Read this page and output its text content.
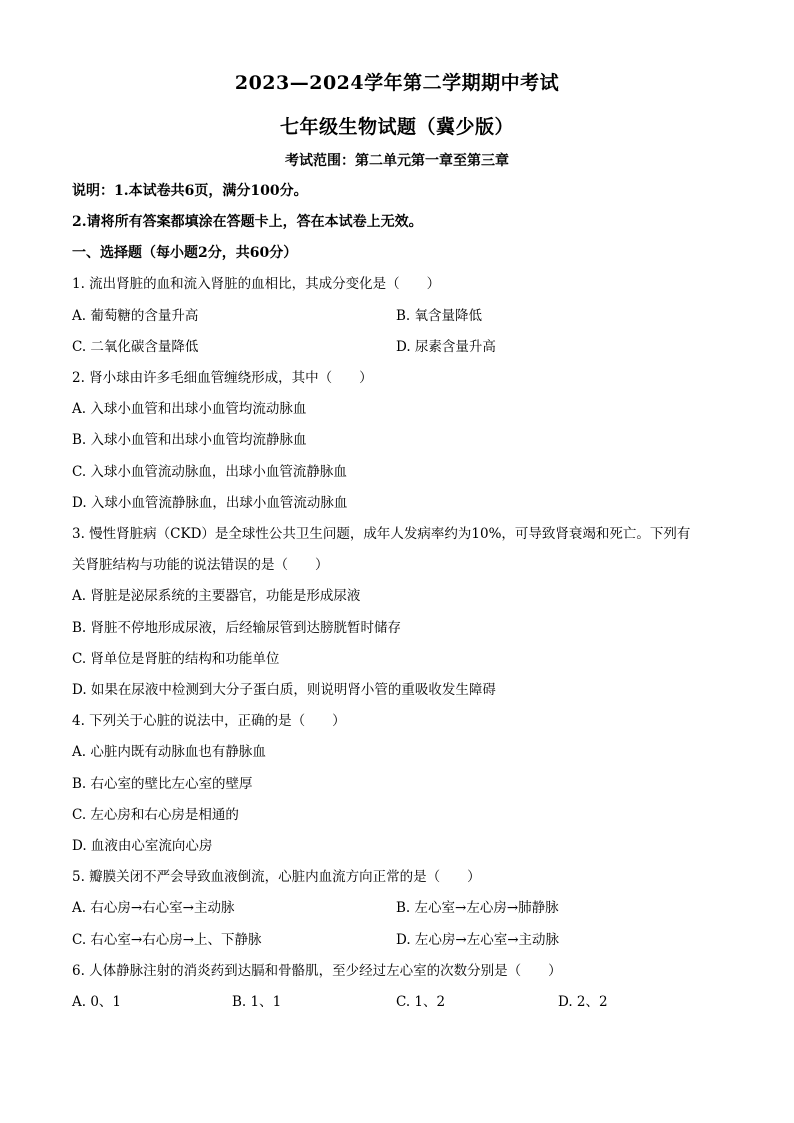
2023—2024学年第二学期期中考试
七年级生物试题（冀少版）
考试范围：第二单元第一章至第三章
说明：1.本试卷共6页，满分100分。
2.请将所有答案都填涂在答题卡上，答在本试卷上无效。
一、选择题（每小题2分，共60分）
1. 流出肾脏的血和流入肾脏的血相比，其成分变化是（　　）
A. 葡萄糖的含量升高	B. 氧含量降低
C. 二氧化碳含量降低	D. 尿素含量升高
2. 肾小球由许多毛细血管缠绕形成，其中（　　）
A. 入球小血管和出球小血管均流动脉血
B. 入球小血管和出球小血管均流静脉血
C. 入球小血管流动脉血，出球小血管流静脉血
D. 入球小血管流静脉血，出球小血管流动脉血
3. 慢性肾脏病（CKD）是全球性公共卫生问题，成年人发病率约为10%，可导致肾衰竭和死亡。下列有
关肾脏结构与功能的说法错误的是（　　）
A. 肾脏是泌尿系统的主要器官，功能是形成尿液
B. 肾脏不停地形成尿液，后经输尿管到达膀胱暂时储存
C. 肾单位是肾脏的结构和功能单位
D. 如果在尿液中检测到大分子蛋白质，则说明肾小管的重吸收发生障碍
4. 下列关于心脏的说法中，正确的是（　　）
A. 心脏内既有动脉血也有静脉血
B. 右心室的壁比左心室的壁厚
C. 左心房和右心房是相通的
D. 血液由心室流向心房
5. 瓣膜关闭不严会导致血液倒流，心脏内血流方向正常的是（　　）
A. 右心房→右心室→主动脉	B. 左心室→左心房→肺静脉
C. 右心室→右心房→上、下静脉	D. 左心房→左心室→主动脉
6. 人体静脉注射的消炎药到达膈和骨骼肌，至少经过左心室的次数分别是（　　）
A. 0、1	B. 1、1	C. 1、2	D. 2、2
